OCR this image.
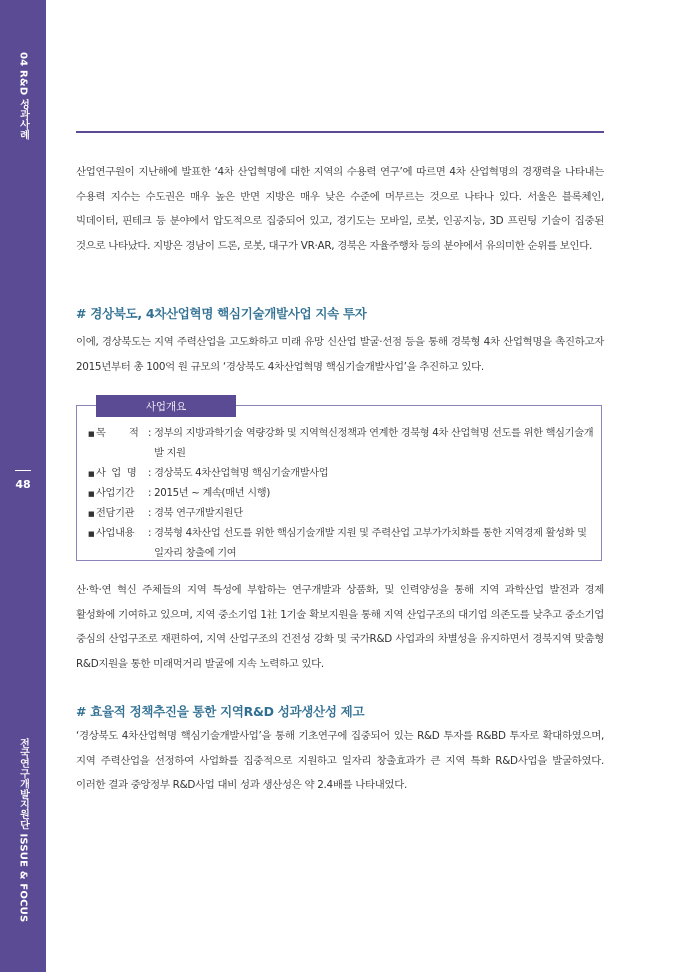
04 R&D 성과사례
48
전국연구개발지원단 ISSUE & FOCUS

산업연구원이 지난해에 발표한 ‘4차 산업혁명에 대한 지역의 수용력 연구’에 따르면 4차 산업혁명의 경쟁력을 나타내는 수용력 지수는 수도권은 매우 높은 반면 지방은 매우 낮은 수준에 머무르는 것으로 나타나 있다. 서울은 블록체인, 빅데이터, 핀테크 등 분야에서 압도적으로 집중되어 있고, 경기도는 모바일, 로봇, 인공지능, 3D 프린팅 기술이 집중된 것으로 나타났다. 지방은 경남이 드론, 로봇, 대구가 VR·AR, 경북은 자율주행차 등의 분야에서 유의미한 순위를 보인다.

# 경상북도, 4차산업혁명 핵심기술개발사업 지속 투자

이에, 경상북도는 지역 주력산업을 고도화하고 미래 유망 신산업 발굴·선점 등을 통해 경북형 4차 산업혁명을 촉진하고자 2015년부터 총 100억 원 규모의 ‘경상북도 4차산업혁명 핵심기술개발사업’을 추진하고 있다.

사업개요
■ 목        적 : 정부의 지방과학기술 역량강화 및 지역혁신정책과 연계한 경북형 4차 산업혁명 선도를 위한 핵심기술개발 지원
■ 사  업  명	: 경상북도 4차산업혁명 핵심기술개발사업
■ 사업기간	: 2015년 ~ 계속(매년 시행)
■ 전담기관	: 경북 연구개발지원단
■ 사업내용	: 경북형 4차산업 선도를 위한 핵심기술개발 지원 및 주력산업 고부가가치화를 통한 지역경제 활성화 및 일자리 창출에 기여

산·학·연 혁신 주체들의 지역 특성에 부합하는 연구개발과 상품화, 및 인력양성을 통해 지역 과학산업 발전과 경제 활성화에 기여하고 있으며, 지역 중소기업 1社 1기술 확보지원을 통해 지역 산업구조의 대기업 의존도를 낮추고 중소기업 중심의 산업구조로 재편하여, 지역 산업구조의 건전성 강화 및 국가R&D 사업과의 차별성을 유지하면서 경북지역 맞춤형 R&D지원을 통한 미래먹거리 발굴에 지속 노력하고 있다.

# 효율적 정책추진을 통한 지역R&D 성과생산성 제고

‘경상북도 4차산업혁명 핵심기술개발사업’을 통해 기초연구에 집중되어 있는 R&D 투자를 R&BD 투자로 확대하였으며, 지역 주력산업을 선정하여 사업화를 집중적으로 지원하고 일자리 창출효과가 큰 지역 특화 R&D사업을 발굴하였다. 이러한 결과 중앙정부 R&D사업 대비 성과 생산성은 약 2.4배를 나타내었다.
